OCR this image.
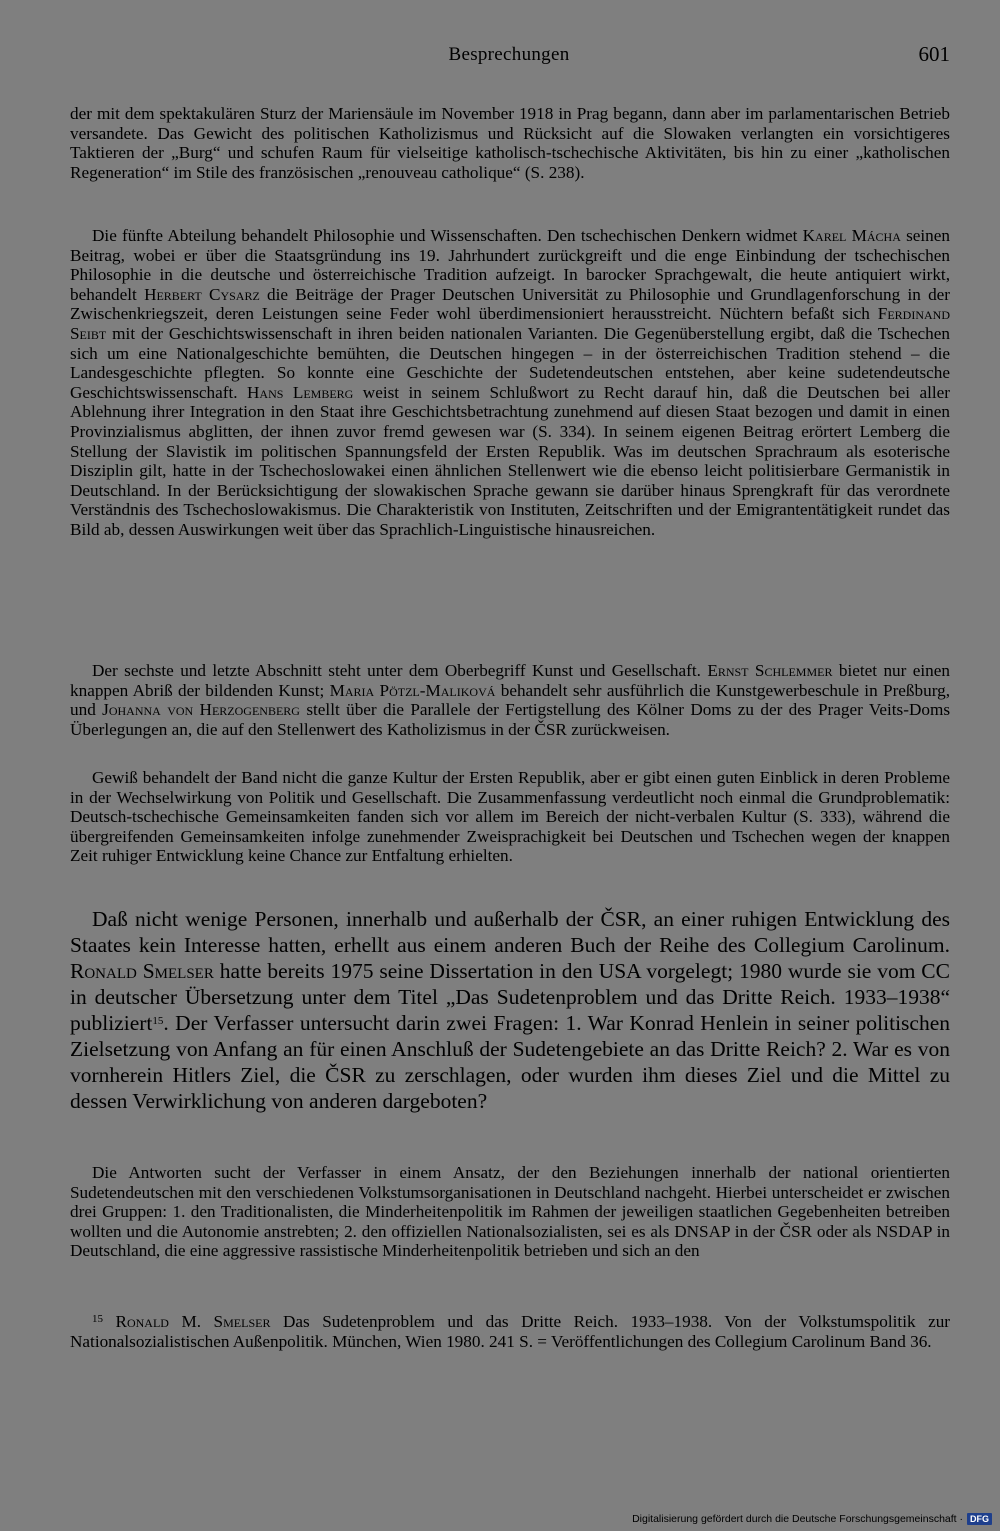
Besprechungen	601

der mit dem spektakulären Sturz der Mariensäule im November 1918 in Prag begann, dann aber im parlamentarischen Betrieb versandete. Das Gewicht des politischen Katholizismus und Rücksicht auf die Slowaken verlangten ein vorsichtigeres Taktieren der „Burg“ und schufen Raum für vielseitige katholisch-tschechische Aktivitäten, bis hin zu einer „katholischen Regeneration“ im Stile des französischen „renouveau catholique“ (S. 238).

Die fünfte Abteilung behandelt Philosophie und Wissenschaften. Den tschechischen Denkern widmet Karel Mácha seinen Beitrag, wobei er über die Staatsgründung ins 19. Jahrhundert zurückgreift und die enge Einbindung der tschechischen Philosophie in die deutsche und österreichische Tradition aufzeigt. In barocker Sprachgewalt, die heute antiquiert wirkt, behandelt Herbert Cysarz die Beiträge der Prager Deutschen Universität zu Philosophie und Grundlagenforschung in der Zwischenkriegszeit, deren Leistungen seine Feder wohl überdimensioniert herausstreicht. Nüchtern befaßt sich Ferdinand Seibt mit der Geschichtswissenschaft in ihren beiden nationalen Varianten. Die Gegenüberstellung ergibt, daß die Tschechen sich um eine Nationalgeschichte bemühten, die Deutschen hingegen – in der österreichischen Tradition stehend – die Landesgeschichte pflegten. So konnte eine Geschichte der Sudetendeutschen entstehen, aber keine sudetendeutsche Geschichtswissenschaft. Hans Lemberg weist in seinem Schlußwort zu Recht darauf hin, daß die Deutschen bei aller Ablehnung ihrer Integration in den Staat ihre Geschichtsbetrachtung zunehmend auf diesen Staat bezogen und damit in einen Provinzialismus abglitten, der ihnen zuvor fremd gewesen war (S. 334). In seinem eigenen Beitrag erörtert Lemberg die Stellung der Slavistik im politischen Spannungsfeld der Ersten Republik. Was im deutschen Sprachraum als esoterische Disziplin gilt, hatte in der Tschechoslowakei einen ähnlichen Stellenwert wie die ebenso leicht politisierbare Germanistik in Deutschland. In der Berücksichtigung der slowakischen Sprache gewann sie darüber hinaus Sprengkraft für das verordnete Verständnis des Tschechoslowakismus. Die Charakteristik von Instituten, Zeitschriften und der Emigrantentätigkeit rundet das Bild ab, dessen Auswirkungen weit über das Sprachlich-Linguistische hinausreichen.

Der sechste und letzte Abschnitt steht unter dem Oberbegriff Kunst und Gesellschaft. Ernst Schlemmer bietet nur einen knappen Abriß der bildenden Kunst; Maria Pötzl-Maliková behandelt sehr ausführlich die Kunstgewerbeschule in Preßburg, und Johanna von Herzogenberg stellt über die Parallele der Fertigstellung des Kölner Doms zu der des Prager Veits-Doms Überlegungen an, die auf den Stellenwert des Katholizismus in der ČSR zurückweisen.

Gewiß behandelt der Band nicht die ganze Kultur der Ersten Republik, aber er gibt einen guten Einblick in deren Probleme in der Wechselwirkung von Politik und Gesellschaft. Die Zusammenfassung verdeutlicht noch einmal die Grundproblematik: Deutsch-tschechische Gemeinsamkeiten fanden sich vor allem im Bereich der nicht-verbalen Kultur (S. 333), während die übergreifenden Gemeinsamkeiten infolge zunehmender Zweisprachigkeit bei Deutschen und Tschechen wegen der knappen Zeit ruhiger Entwicklung keine Chance zur Entfaltung erhielten.

Daß nicht wenige Personen, innerhalb und außerhalb der ČSR, an einer ruhigen Entwicklung des Staates kein Interesse hatten, erhellt aus einem anderen Buch der Reihe des Collegium Carolinum. Ronald Smelser hatte bereits 1975 seine Dissertation in den USA vorgelegt; 1980 wurde sie vom CC in deutscher Übersetzung unter dem Titel „Das Sudetenproblem und das Dritte Reich. 1933–1938“ publiziert$^{15}$. Der Verfasser untersucht darin zwei Fragen: 1. War Konrad Henlein in seiner politischen Zielsetzung von Anfang an für einen Anschluß der Sudetengebiete an das Dritte Reich? 2. War es von vornherein Hitlers Ziel, die ČSR zu zerschlagen, oder wurden ihm dieses Ziel und die Mittel zu dessen Verwirklichung von anderen dargeboten?

Die Antworten sucht der Verfasser in einem Ansatz, der den Beziehungen innerhalb der national orientierten Sudetendeutschen mit den verschiedenen Volkstumsorganisationen in Deutschland nachgeht. Hierbei unterscheidet er zwischen drei Gruppen: 1. den Traditionalisten, die Minderheitenpolitik im Rahmen der jeweiligen staatlichen Gegebenheiten betreiben wollten und die Autonomie anstrebten; 2. den offiziellen Nationalsozialisten, sei es als DNSAP in der ČSR oder als NSDAP in Deutschland, die eine aggressive rassistische Minderheitenpolitik betrieben und sich an den

$^{15}$ Ronald M. Smelser Das Sudetenproblem und das Dritte Reich. 1933–1938. Von der Volkstumspolitik zur Nationalsozialistischen Außenpolitik. München, Wien 1980. 241 S. = Veröffentlichungen des Collegium Carolinum Band 36.

Digitalisierung gefördert durch die Deutsche Forschungsgemeinschaft · DFG
